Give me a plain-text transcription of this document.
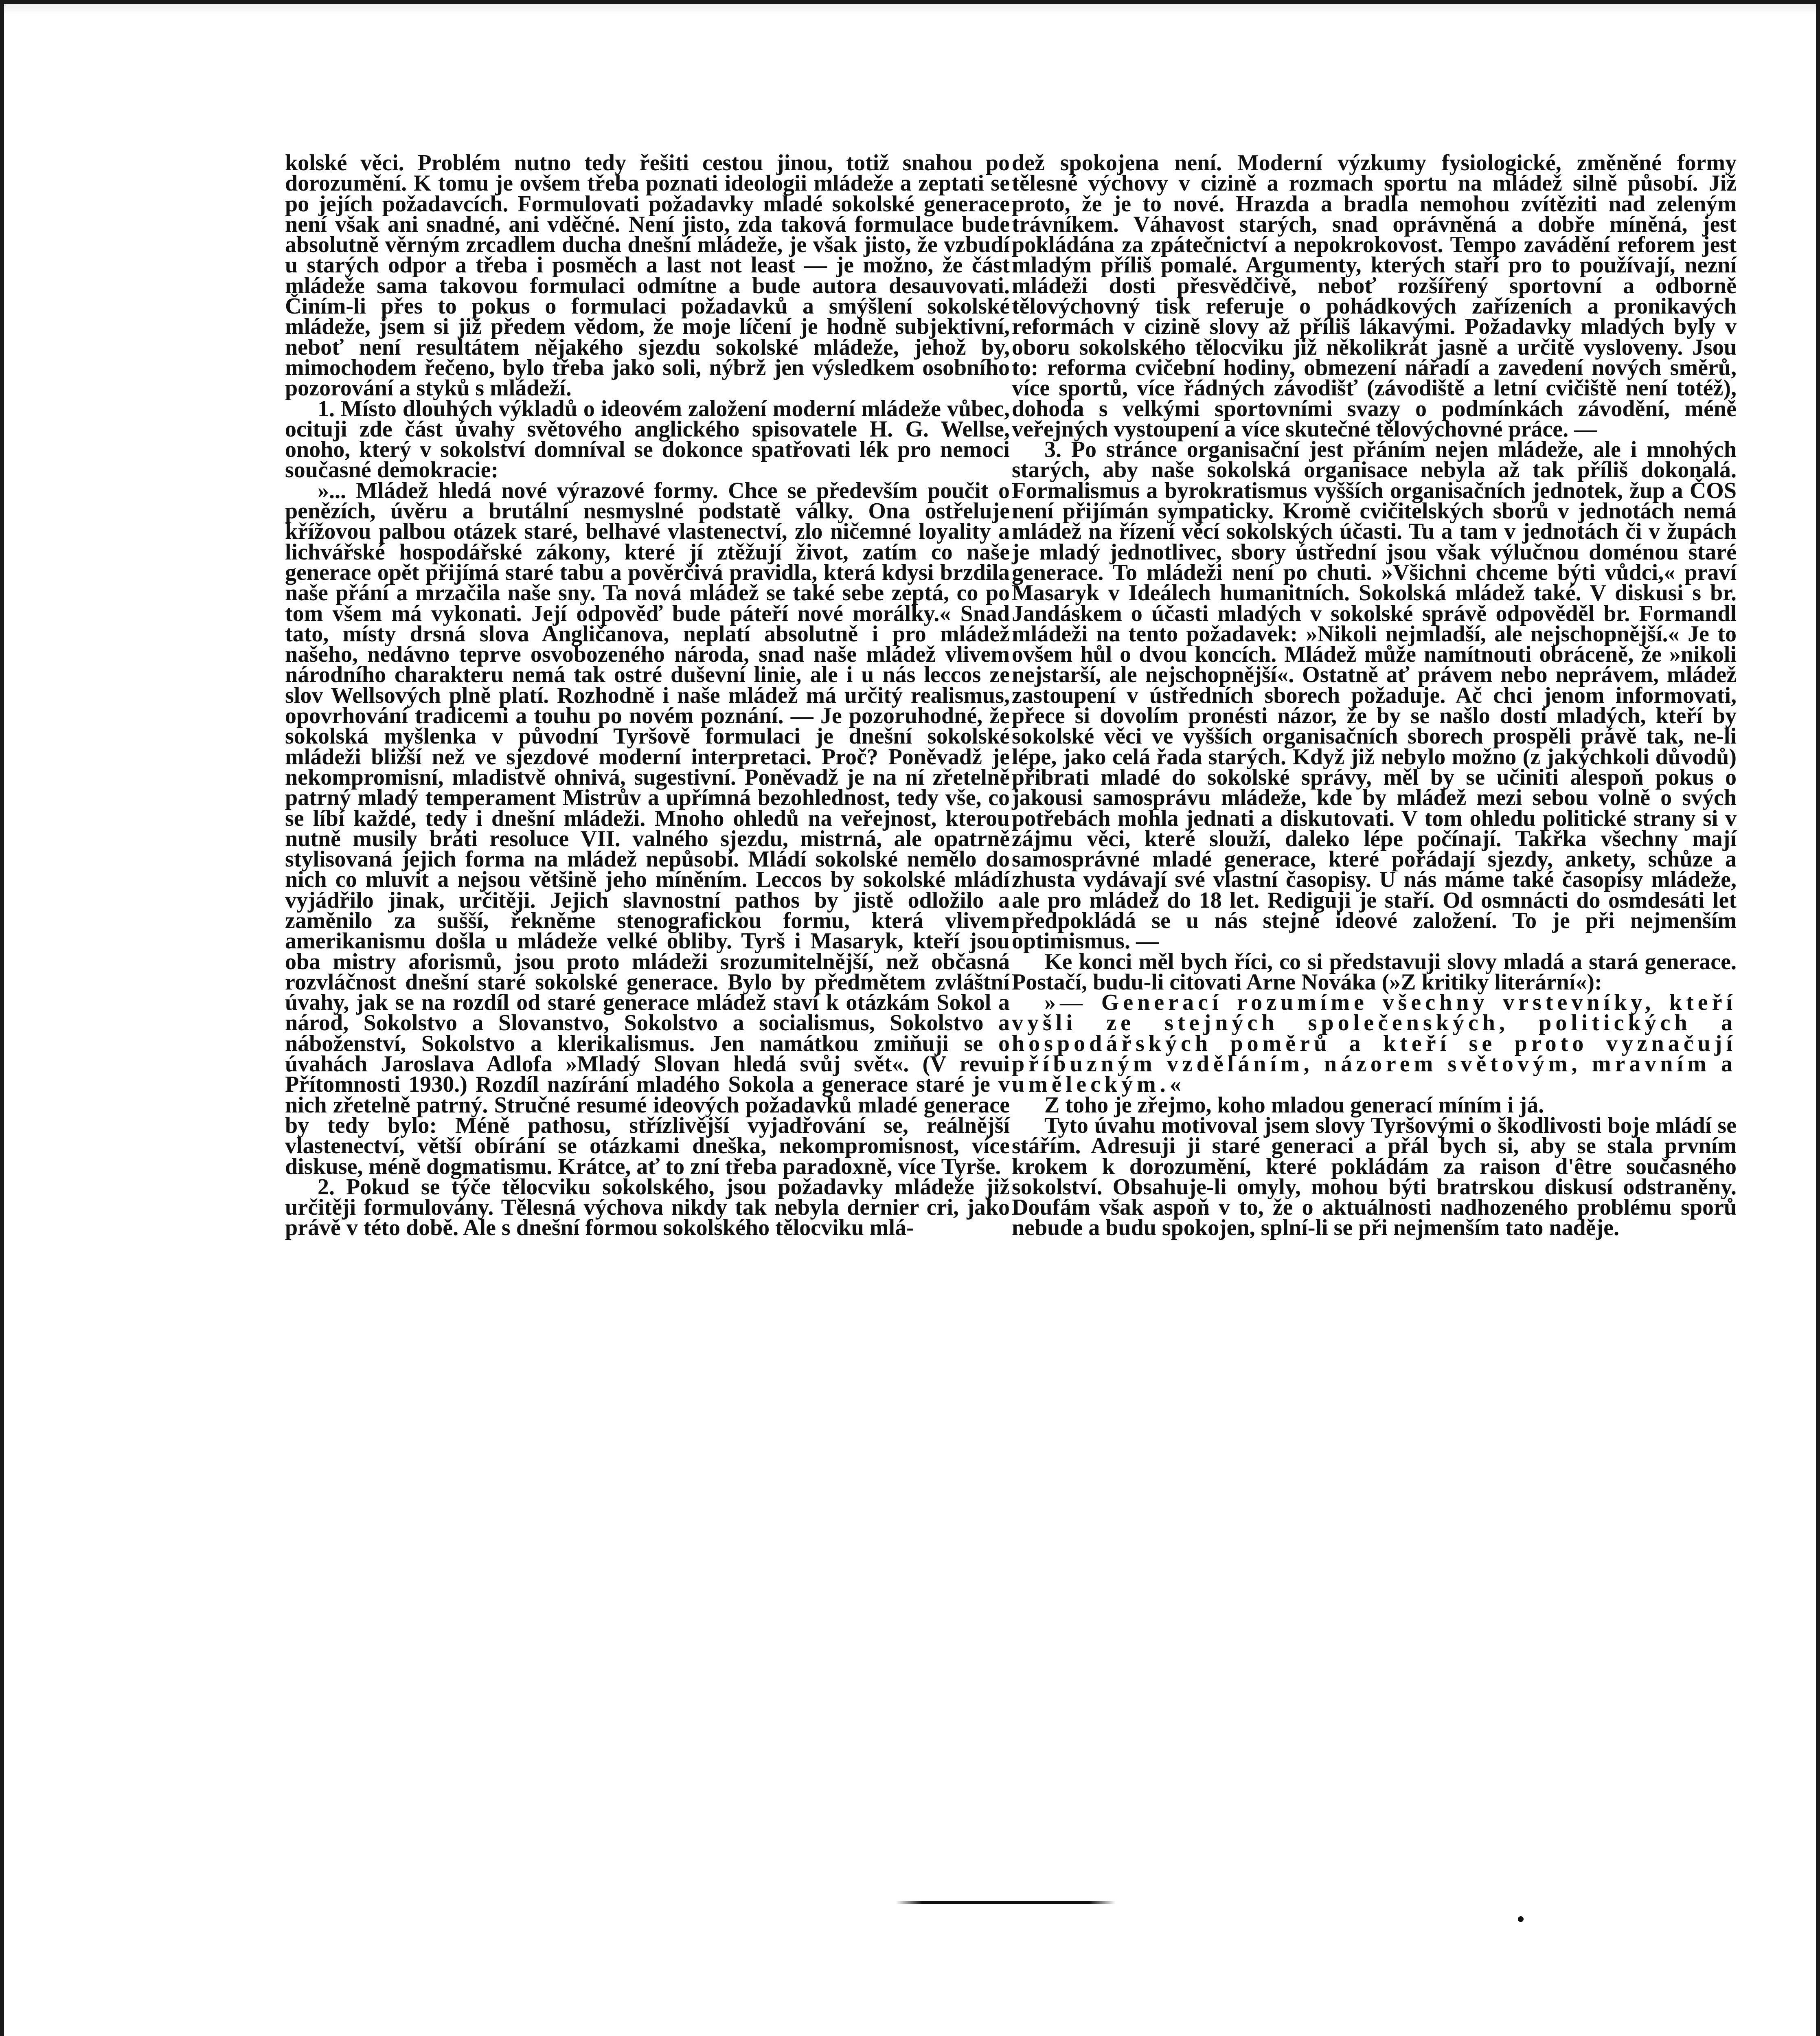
kolské věci. Problém nutno tedy řešiti cestou jinou, totiž snahou po dorozumění. K tomu je ovšem třeba poznati ideologii mládeže a zeptati se po jejích požadavcích. Formulovati požadavky mladé sokolské generace není však ani snadné, ani vděčné. Není jisto, zda taková formulace bude absolutně věrným zrcadlem ducha dnešní mládeže, je však jisto, že vzbudí u starých odpor a třeba i posměch a last not least — je možno, že část mládeže sama takovou formulaci odmítne a bude autora desauvovati. Činím-li přes to pokus o formulaci požadavků a smýšlení sokolské mládeže, jsem si již předem vědom, že moje líčení je hodně subjektivní, neboť není resultátem nějakého sjezdu sokolské mládeže, jehož by, mimochodem řečeno, bylo třeba jako soli, nýbrž jen výsledkem osobního pozorování a styků s mládeží.

1. Místo dlouhých výkladů o ideovém založení moderní mládeže vůbec, ocituji zde část úvahy světového anglického spisovatele H. G. Wellse, onoho, který v sokolství domníval se dokonce spatřovati lék pro nemoci současné demokracie:

»... Mládež hledá nové výrazové formy. Chce se především poučit o penězích, úvěru a brutální nesmyslné podstatě války. Ona ostřeluje křížovou palbou otázek staré, belhavé vlastenectví, zlo ničemné loyality a lichvářské hospodářské zákony, které jí ztěžují život, zatím co naše generace opět přijímá staré tabu a pověrčivá pravidla, která kdysi brzdila naše přání a mrzačila naše sny. Ta nová mládež se také sebe zeptá, co po tom všem má vykonati. Její odpověď bude páteří nové morálky.« Snad tato, místy drsná slova Angličanova, neplatí absolutně i pro mládež našeho, nedávno teprve osvobozeného národa, snad naše mládež vlivem národního charakteru nemá tak ostré duševní linie, ale i u nás leccos ze slov Wellsových plně platí. Rozhodně i naše mládež má určitý realismus, opovrhování tradicemi a touhu po novém poznání. — Je pozoruhodné, že sokolská myšlenka v původní Tyršově formulaci je dnešní sokolské mládeži bližší než ve sjezdové moderní interpretaci. Proč? Poněvadž je nekompromisní, mladistvě ohnivá, sugestivní. Poněvadž je na ní zřetelně patrný mladý temperament Mistrův a upřímná bezohlednost, tedy vše, co se líbí každé, tedy i dnešní mládeži. Mnoho ohledů na veřejnost, kterou nutně musily bráti resoluce VII. valného sjezdu, mistrná, ale opatrně stylisovaná jejich forma na mládež nepůsobí. Mládí sokolské nemělo do nich co mluvit a nejsou většině jeho míněním. Leccos by sokolské mládí vyjádřilo jinak, určitěji. Jejich slavnostní pathos by jistě odložilo a zaměnilo za sušší, řekněme stenografickou formu, která vlivem amerikanismu došla u mládeže velké obliby. Tyrš i Masaryk, kteří jsou oba mistry aforismů, jsou proto mládeži srozumitelnější, než občasná rozvláčnost dnešní staré sokolské generace. Bylo by předmětem zvláštní úvahy, jak se na rozdíl od staré generace mládež staví k otázkám Sokol a národ, Sokolstvo a Slovanstvo, Sokolstvo a socialismus, Sokolstvo a náboženství, Sokolstvo a klerikalismus. Jen namátkou zmiňuji se o úvahách Jaroslava Adlofa »Mladý Slovan hledá svůj svět«. (V revui Přítomnosti 1930.) Rozdíl nazírání mladého Sokola a generace staré je v nich zřetelně patrný. Stručné resumé ideových požadavků mladé generace by tedy bylo: Méně pathosu, střízlivější vyjadřování se, reálnější vlastenectví, větší obírání se otázkami dneška, nekompromisnost, více diskuse, méně dogmatismu. Krátce, ať to zní třeba paradoxně, více Tyrše.

2. Pokud se týče tělocviku sokolského, jsou požadavky mládeže již určitěji formulovány. Tělesná výchova nikdy tak nebyla dernier cri, jako právě v této době. Ale s dnešní formou sokolského tělocviku mlá-

dež spokojena není. Moderní výzkumy fysiologické, změněné formy tělesné výchovy v cizině a rozmach sportu na mládež silně působí. Již proto, že je to nové. Hrazda a bradla nemohou zvítěziti nad zeleným trávníkem. Váhavost starých, snad oprávněná a dobře míněná, jest pokládána za zpátečnictví a nepokrokovost. Tempo zavádění reforem jest mladým příliš pomalé. Argumenty, kterých staří pro to používají, nezní mládeži dosti přesvědčivě, neboť rozšířený sportovní a odborně tělovýchovný tisk referuje o pohádkových zařízeních a pronikavých reformách v cizině slovy až příliš lákavými. Požadavky mladých byly v oboru sokolského tělocviku již několikrát jasně a určitě vysloveny. Jsou to: reforma cvičební hodiny, obmezení nářadí a zavedení nových směrů, více sportů, více řádných závodišť (závodiště a letní cvičiště není totéž), dohoda s velkými sportovními svazy o podmínkách závodění, méně veřejných vystoupení a více skutečné tělovýchovné práce. —

3. Po stránce organisační jest přáním nejen mládeže, ale i mnohých starých, aby naše sokolská organisace nebyla až tak příliš dokonalá. Formalismus a byrokratismus vyšších organisačních jednotek, žup a ČOS není přijímán sympaticky. Kromě cvičitelských sborů v jednotách nemá mládež na řízení věcí sokolských účasti. Tu a tam v jednotách či v župách je mladý jednotlivec, sbory ústřední jsou však výlučnou doménou staré generace. To mládeži není po chuti. »Všichni chceme býti vůdci,« praví Masaryk v Ideálech humanitních. Sokolská mládež také. V diskusi s br. Jandáskem o účasti mladých v sokolské správě odpověděl br. Formandl mládeži na tento požadavek: »Nikoli nejmladší, ale nejschopnější.« Je to ovšem hůl o dvou koncích. Mládež může namítnouti obráceně, že »nikoli nejstarší, ale nejschopnější«. Ostatně ať právem nebo neprávem, mládež zastoupení v ústředních sborech požaduje. Ač chci jenom informovati, přece si dovolím pronésti názor, že by se našlo dosti mladých, kteří by sokolské věci ve vyšších organisačních sborech prospěli právě tak, ne-li lépe, jako celá řada starých. Když již nebylo možno (z jakýchkoli důvodů) přibrati mladé do sokolské správy, měl by se učiniti alespoň pokus o jakousi samosprávu mládeže, kde by mládež mezi sebou volně o svých potřebách mohla jednati a diskutovati. V tom ohledu politické strany si v zájmu věci, které slouží, daleko lépe počínají. Takřka všechny mají samosprávné mladé generace, které pořádají sjezdy, ankety, schůze a zhusta vydávají své vlastní časopisy. U nás máme také časopisy mládeže, ale pro mládež do 18 let. Rediguji je staří. Od osmnácti do osmdesáti let předpokládá se u nás stejné ideové založení. To je při nejmenším optimismus. —

Ke konci měl bych říci, co si představuji slovy mladá a stará generace. Postačí, budu-li citovati Arne Nováka (»Z kritiky literární«):

»— Generací rozumíme všechny vrstevníky, kteří vyšli ze stejných společenských, politických a hospodářských poměrů a kteří se proto vyznačují příbuzným vzděláním, názorem světovým, mravním a uměleckým.«

Z toho je zřejmo, koho mladou generací míním i já.

Tyto úvahu motivoval jsem slovy Tyršovými o škodlivosti boje mládí se stářím. Adresuji ji staré generaci a přál bych si, aby se stala prvním krokem k dorozumění, které pokládám za raison d'être současného sokolství. Obsahuje-li omyly, mohou býti bratrskou diskusí odstraněny. Doufám však aspoň v to, že o aktuálnosti nadhozeného problému sporů nebude a budu spokojen, splní-li se při nejmenším tato naděje.
